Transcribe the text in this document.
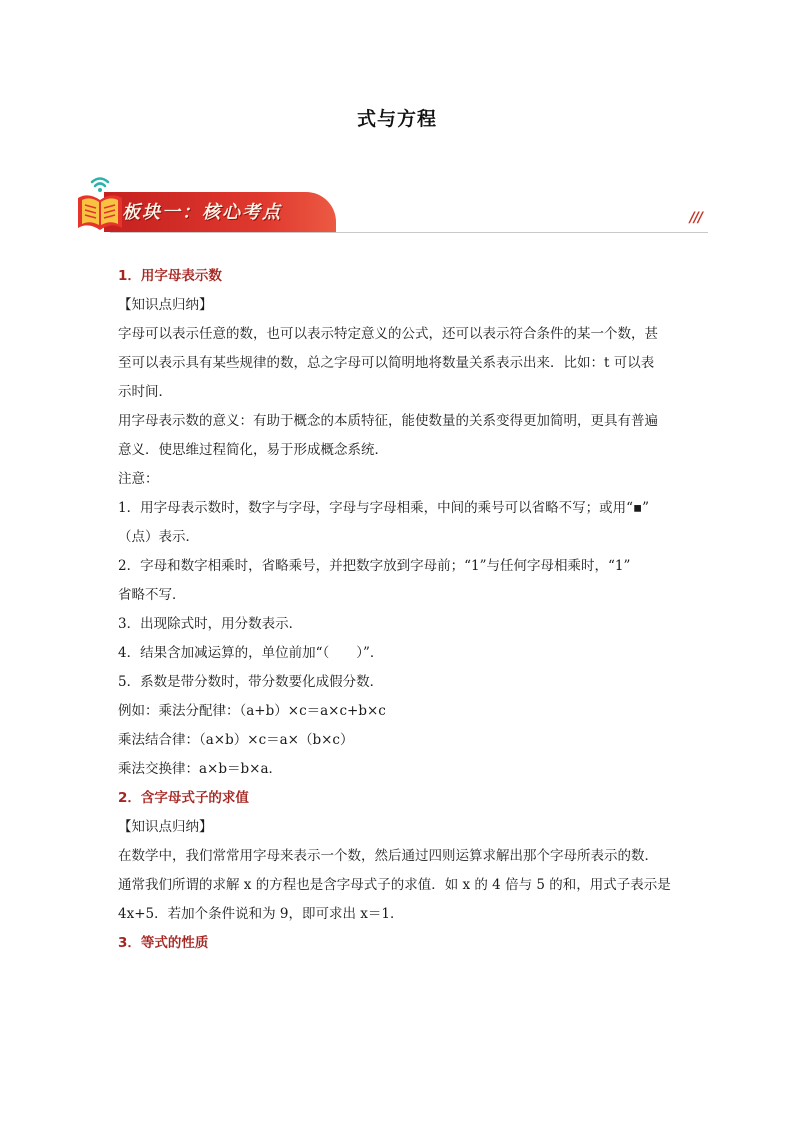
式与方程
///
板块一：核心考点

1．用字母表示数

【知识点归纳】

字母可以表示任意的数，也可以表示特定意义的公式，还可以表示符合条件的某一个数，甚

至可以表示具有某些规律的数，总之字母可以简明地将数量关系表示出来．比如：t 可以表

示时间．

用字母表示数的意义：有助于概念的本质特征，能使数量的关系变得更加简明，更具有普遍

意义．使思维过程简化，易于形成概念系统．

注意：

1．用字母表示数时，数字与字母，字母与字母相乘，中间的乘号可以省略不写；或用“▪”

（点）表示．

2．字母和数字相乘时，省略乘号，并把数字放到字母前；“1”与任何字母相乘时，“1”

省略不写．

3．出现除式时，用分数表示．

4．结果含加减运算的，单位前加“（　　）”．

5．系数是带分数时，带分数要化成假分数．

例如：乘法分配律：（a+b）×c＝a×c+b×c

乘法结合律：（a×b）×c＝a×（b×c）

乘法交换律：a×b＝b×a．

2．含字母式子的求值

【知识点归纳】

在数学中，我们常常用字母来表示一个数，然后通过四则运算求解出那个字母所表示的数．

通常我们所谓的求解 x 的方程也是含字母式子的求值．如 x 的 4 倍与 5 的和，用式子表示是

4x+5．若加个条件说和为 9，即可求出 x＝1．

3．等式的性质
